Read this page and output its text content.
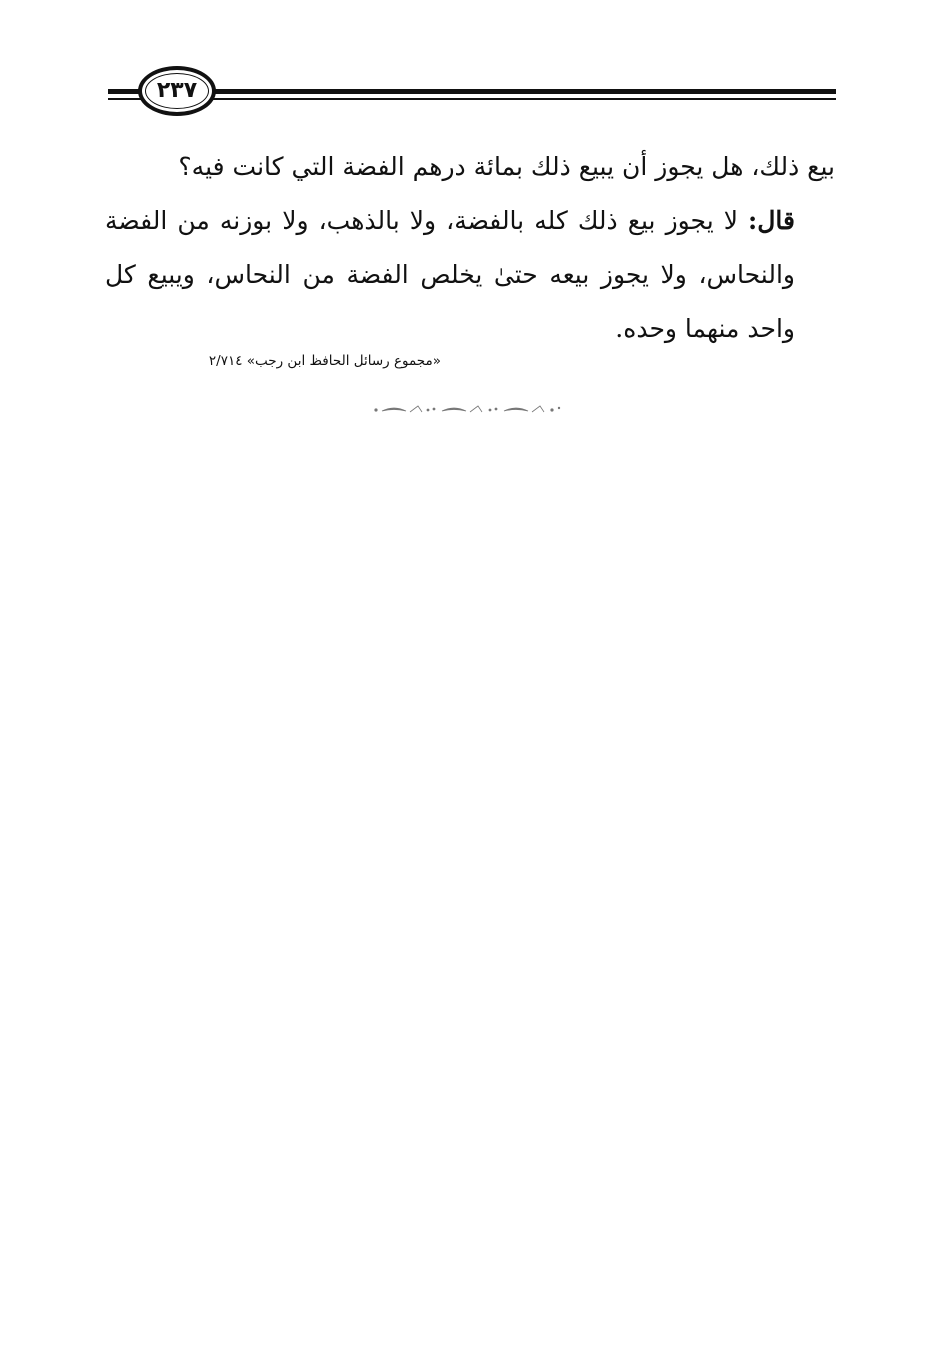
٢٣٧

بيع ذلك، هل يجوز أن يبيع ذلك بمائة درهم الفضة التي كانت فيه؟

قال: لا يجوز بيع ذلك كله بالفضة، ولا بالذهب، ولا بوزنه من الفضة والنحاس، ولا يجوز بيعه حتىٰ يخلص الفضة من النحاس، ويبيع كل واحد منهما وحده.

«مجموع رسائل الحافظ ابن رجب» ٢/٧١٤
